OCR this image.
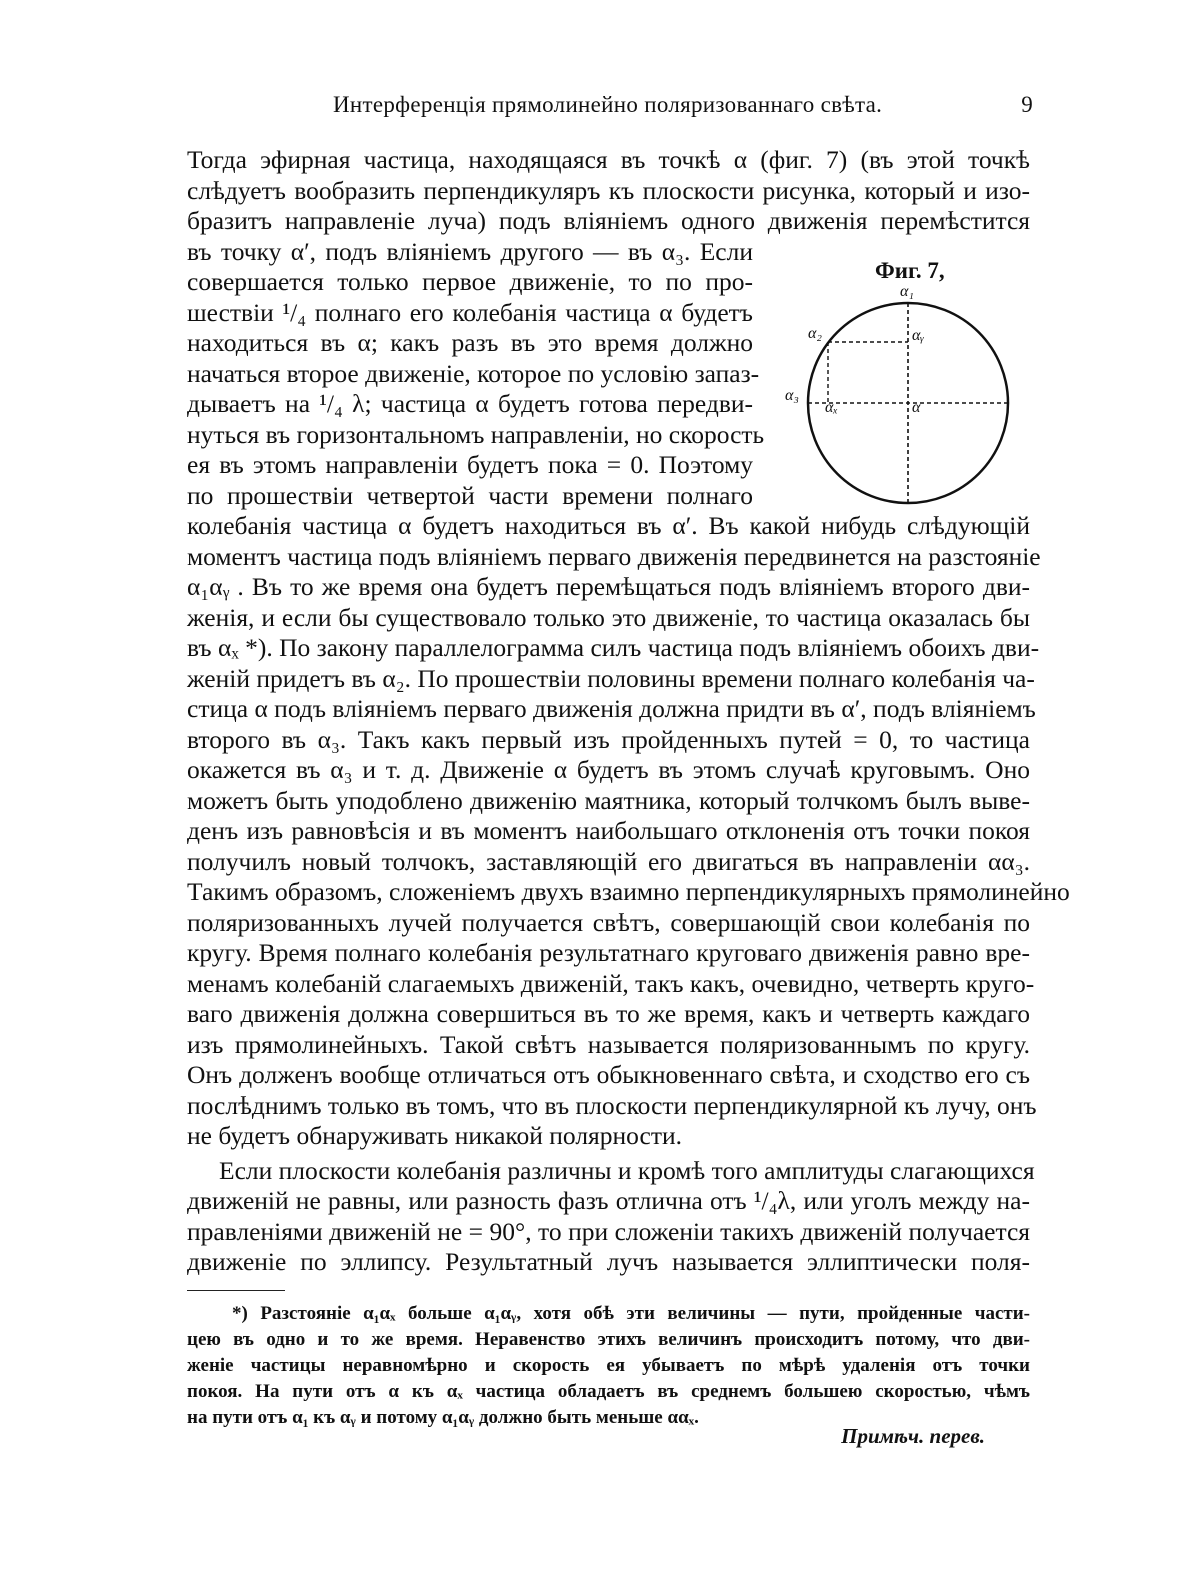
Интерференція прямолинейно поляризованнаго свѣта.	9
Тогда эфирная частица, находящаяся въ точкѣ α (фиг. 7) (въ этой точкѣ
слѣдуетъ вообразить перпендикуляръ къ плоскости рисунка, который и изо-
бразитъ направленіе луча) подъ вліяніемъ одного движенія перемѣстится
въ точку α′, подъ вліяніемъ другого — въ α₃. Если
совершается только первое движеніе, то по про-
шествіи ¹/₄ полнаго его колебанія частица α будетъ
находиться въ α; какъ разъ въ это время должно
начаться второе движеніе, которое по условію запаз-
дываетъ на ¹/₄ λ; частица α будетъ готова передви-
нуться въ горизонтальномъ направленіи, но скорость
ея въ этомъ направленіи будетъ пока = 0. Поэтому
по прошествіи четвертой части времени полнаго
колебанія частица α будетъ находиться въ α′. Въ какой нибудь слѣдующій
моментъ частица подъ вліяніемъ перваго движенія передвинется на разстояніе
α₁αᵧ . Въ то же время она будетъ перемѣщаться подъ вліяніемъ второго дви-
женія, и если бы существовало только это движеніе, то частица оказалась бы
въ αₓ *). По закону параллелограмма силъ частица подъ вліяніемъ обоихъ дви-
женій придетъ въ α₂. По прошествіи половины времени полнаго колебанія ча-
стица α подъ вліяніемъ перваго движенія должна придти въ α′, подъ вліяніемъ
второго въ α₃. Такъ какъ первый изъ пройденныхъ путей = 0, то частица
окажется въ α₃ и т. д. Движеніе α будетъ въ этомъ случаѣ круговымъ. Оно
можетъ быть уподоблено движенію маятника, который толчкомъ былъ выве-
денъ изъ равновѣсія и въ моментъ наибольшаго отклоненія отъ точки покоя
получилъ новый толчокъ, заставляющій его двигаться въ направленіи αα₃.
Такимъ образомъ, сложеніемъ двухъ взаимно перпендикулярныхъ прямолинейно
поляризованныхъ лучей получается свѣтъ, совершающій свои колебанія по
кругу. Время полнаго колебанія результатнаго круговаго движенія равно вре-
менамъ колебаній слагаемыхъ движеній, такъ какъ, очевидно, четверть круго-
ваго движенія должна совершиться въ то же время, какъ и четверть каждаго
изъ прямолинейныхъ. Такой свѣтъ называется поляризованнымъ по кругу.
Онъ долженъ вообще отличаться отъ обыкновеннаго свѣта, и сходство его съ
послѣднимъ только въ томъ, что въ плоскости перпендикулярной къ лучу, онъ
не будетъ обнаруживать никакой полярности.
Если плоскости колебанія различны и кромѣ того амплитуды слагающихся
движеній не равны, или разность фазъ отлична отъ ¹/₄λ, или уголъ между на-
правленіями движеній не = 90°, то при сложеніи такихъ движеній получается
движеніе по эллипсу. Результатный лучъ называется эллиптически поля-
Фиг. 7,
α₁
α₂	αᵧ
α₃
αₓ	α
*) Разстояніе α₁αₓ больше α₁αᵧ, хотя обѣ эти величины — пути, пройденные части-
цею въ одно и то же время. Неравенство этихъ величинъ происходитъ потому, что дви-
женіе частицы неравномѣрно и скорость ея убываетъ по мѣрѣ удаленія отъ точки
покоя. На пути отъ α къ αₓ частица обладаетъ въ среднемъ большею скоростью, чѣмъ
на пути отъ α₁ къ αᵧ и потому α₁αᵧ должно быть меньше ααₓ.
Примѣч. перев.
